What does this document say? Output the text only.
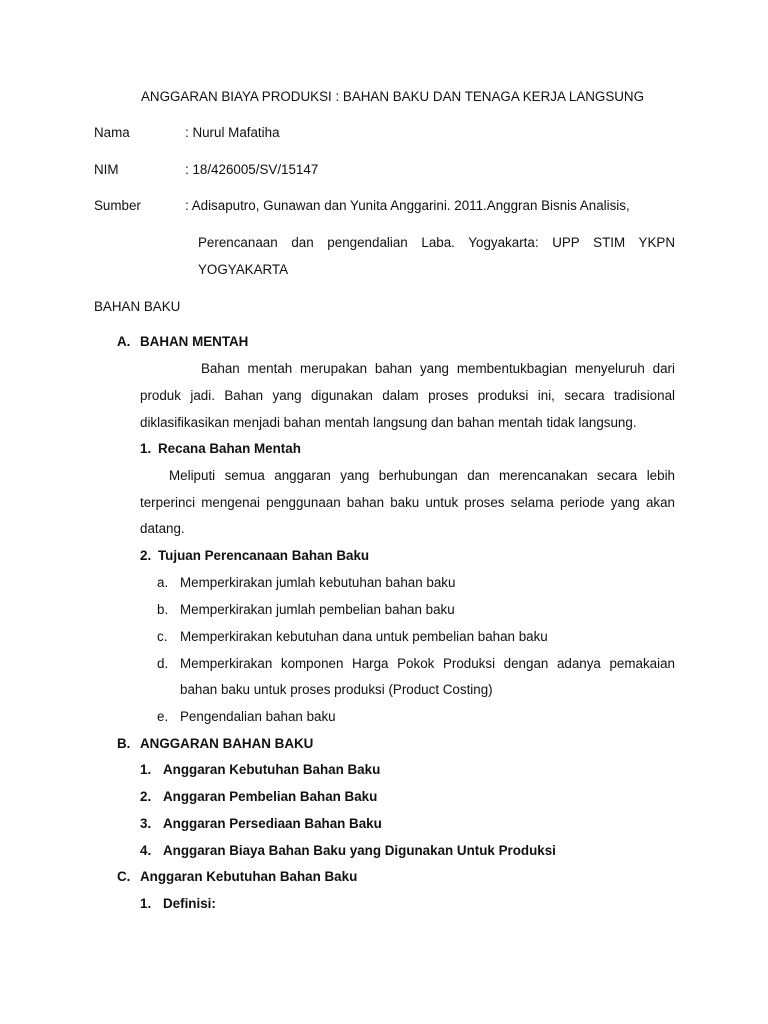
ANGGARAN BIAYA PRODUKSI : BAHAN BAKU DAN TENAGA KERJA LANGSUNG
Nama	: Nurul Mafatiha
NIM	: 18/426005/SV/15147
Sumber	: Adisaputro, Gunawan dan Yunita Anggarini. 2011.Anggran Bisnis Analisis,
Perencanaan dan pengendalian Laba. Yogyakarta: UPP STIM YKPN
YOGYAKARTA
BAHAN BAKU
A. BAHAN MENTAH
Bahan mentah merupakan bahan yang membentukbagian menyeluruh dari
produk jadi. Bahan yang digunakan dalam proses produksi ini, secara tradisional
diklasifikasikan menjadi bahan mentah langsung dan bahan mentah tidak langsung.
1. Recana Bahan Mentah
Meliputi semua anggaran yang berhubungan dan merencanakan secara lebih
terperinci mengenai penggunaan bahan baku untuk proses selama periode yang akan
datang.
2. Tujuan Perencanaan Bahan Baku
a. Memperkirakan jumlah kebutuhan bahan baku
b. Memperkirakan jumlah pembelian bahan baku
c. Memperkirakan kebutuhan dana untuk pembelian bahan baku
d. Memperkirakan komponen Harga Pokok Produksi dengan adanya pemakaian
bahan baku untuk proses produksi (Product Costing)
e. Pengendalian bahan baku
B. ANGGARAN BAHAN BAKU
1. Anggaran Kebutuhan Bahan Baku
2. Anggaran Pembelian Bahan Baku
3. Anggaran Persediaan Bahan Baku
4. Anggaran Biaya Bahan Baku yang Digunakan Untuk Produksi
C. Anggaran Kebutuhan Bahan Baku
1. Definisi:
